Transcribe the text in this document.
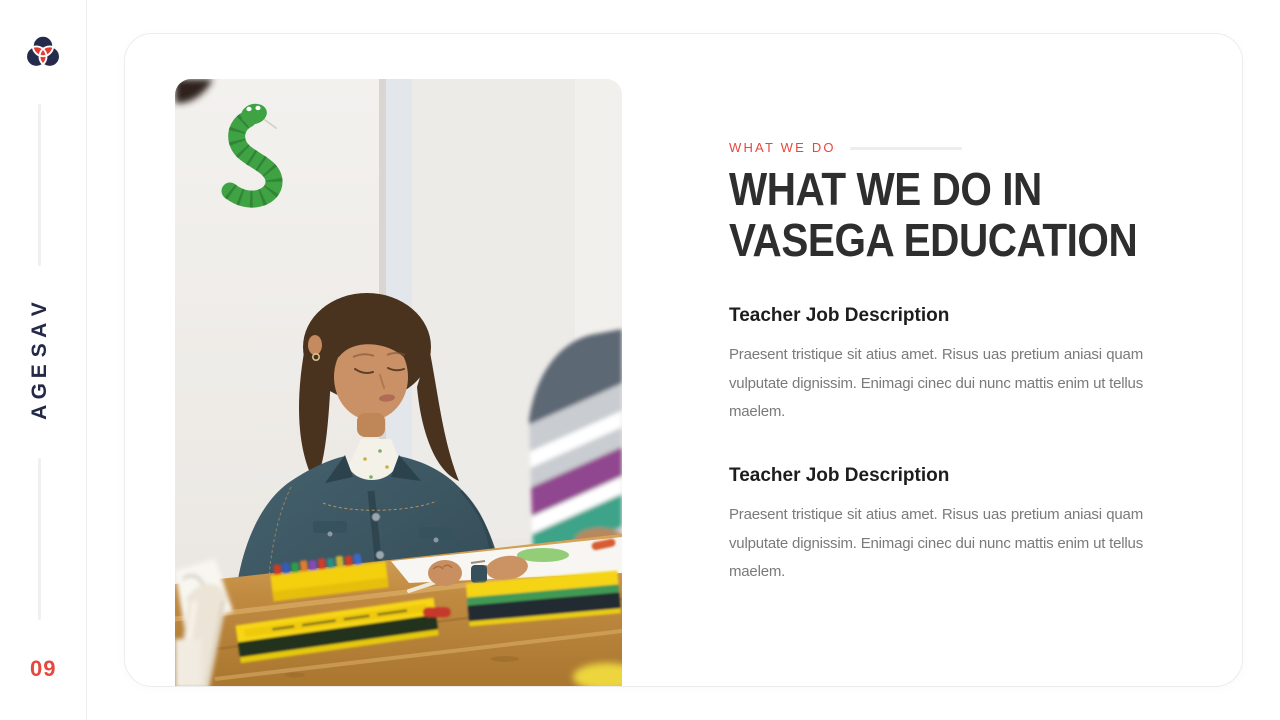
V
A
S
E
G
A
09
WHAT WE DO
WHAT WE DO IN
VASEGA EDUCATION
Teacher Job Description

Praesent tristique sit atius amet. Risus uas pretium aniasi quam vulputate dignissim. Enimagi cinec dui nunc mattis enim ut tellus maelem.

Teacher Job Description

Praesent tristique sit atius amet. Risus uas pretium aniasi quam vulputate dignissim. Enimagi cinec dui nunc mattis enim ut tellus maelem.
